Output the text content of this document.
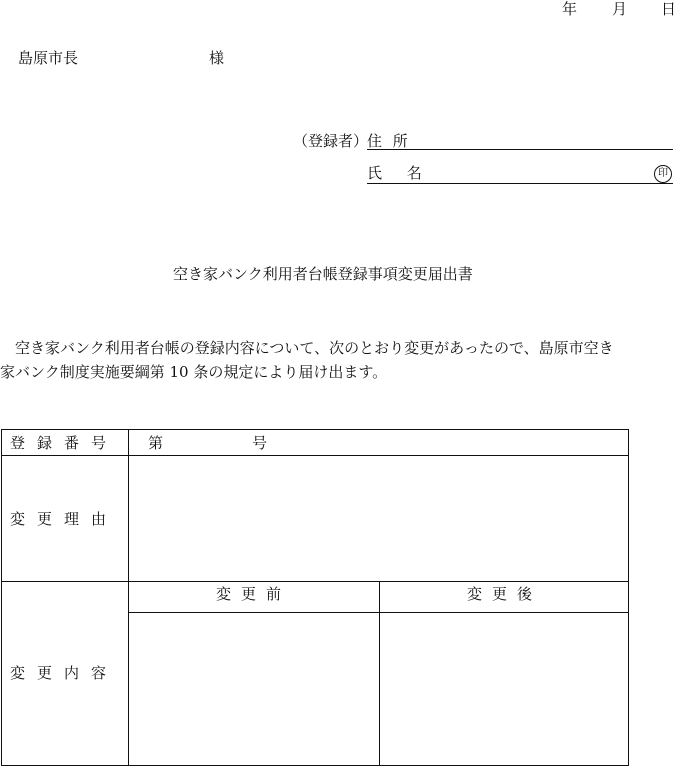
年 月 日
島原市長	様
（登録者）
住 所
氏 名	印
空き家バンク利用者台帳登録事項変更届出書
　空き家バンク利用者台帳の登録内容について、次のとおり変更があったので、島原市空き
家バンク制度実施要綱第 10 条の規定により届け出ます。
登録番号 第	号
変更理由
変更内容
変更前	変更後
